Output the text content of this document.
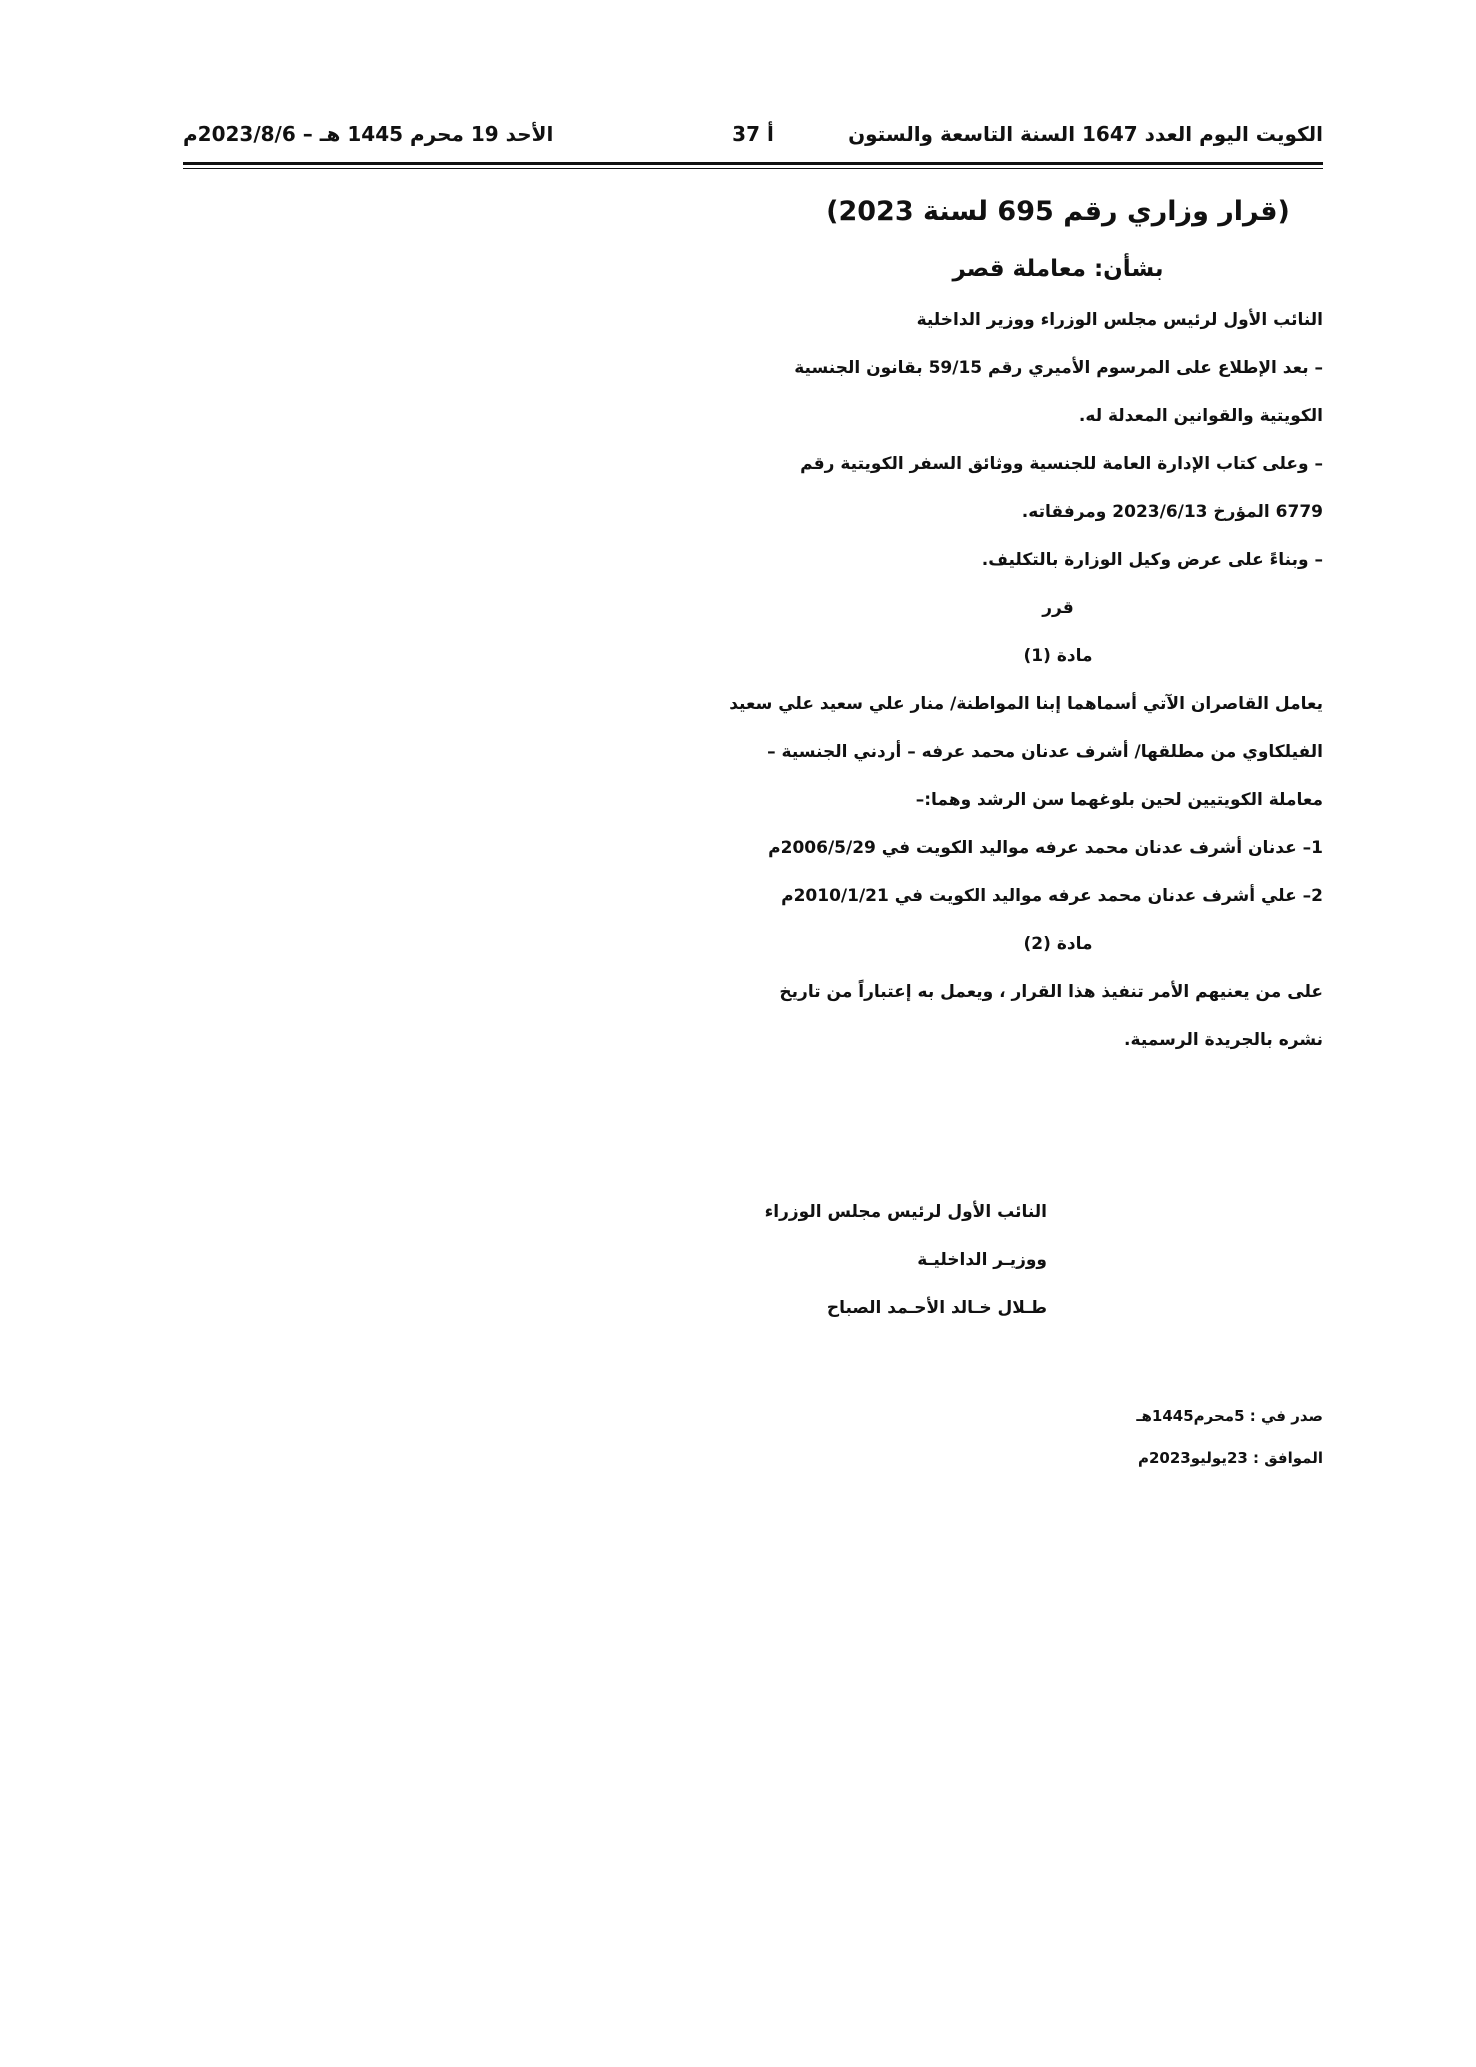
الكويت اليوم العدد 1647 السنة التاسعة والستون
أ 37
الأحد 19 محرم 1445 هـ – 2023/8/6م
(قرار وزاري رقم 695 لسنة 2023)
بشأن: معاملة قصر
النائب الأول لرئيس مجلس الوزراء ووزير الداخلية
– بعد الإطلاع على المرسوم الأميري رقم 59/15 بقانون الجنسية
الكويتية والقوانين المعدلة له.
– وعلى كتاب الإدارة العامة للجنسية ووثائق السفر الكويتية رقم
6779 المؤرخ 2023/6/13 ومرفقاته.
– وبناءً على عرض وكيل الوزارة بالتكليف.
قرر
مادة (1)
يعامل القاصران الآتي أسماهما إبنا المواطنة/ منار علي سعيد علي سعيد
الفيلكاوي من مطلقها/ أشرف عدنان محمد عرفه – أردني الجنسية –
معاملة الكويتيين لحين بلوغهما سن الرشد وهما:–
1– عدنان أشرف عدنان محمد عرفه مواليد الكويت في 2006/5/29م
2– علي أشرف عدنان محمد عرفه مواليد الكويت في 2010/1/21م
مادة (2)
على من يعنيهم الأمر تنفيذ هذا القرار ، ويعمل به إعتباراً من تاريخ
نشره بالجريدة الرسمية.
النائب الأول لرئيس مجلس الوزراء
ووزيـر الداخليـة
طـلال خـالد الأحـمد الصباح
صدر في : 5محرم1445هـ
الموافق : 23يوليو2023م
